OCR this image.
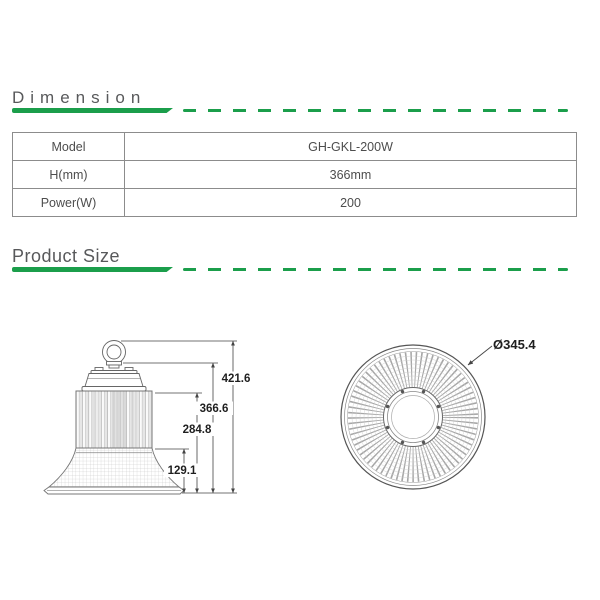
Dimension
Model	GH-GKL-200W
H(mm)	366mm
Power(W)	200
Product Size
421.6
366.6
284.8
129.1
Ø345.4
